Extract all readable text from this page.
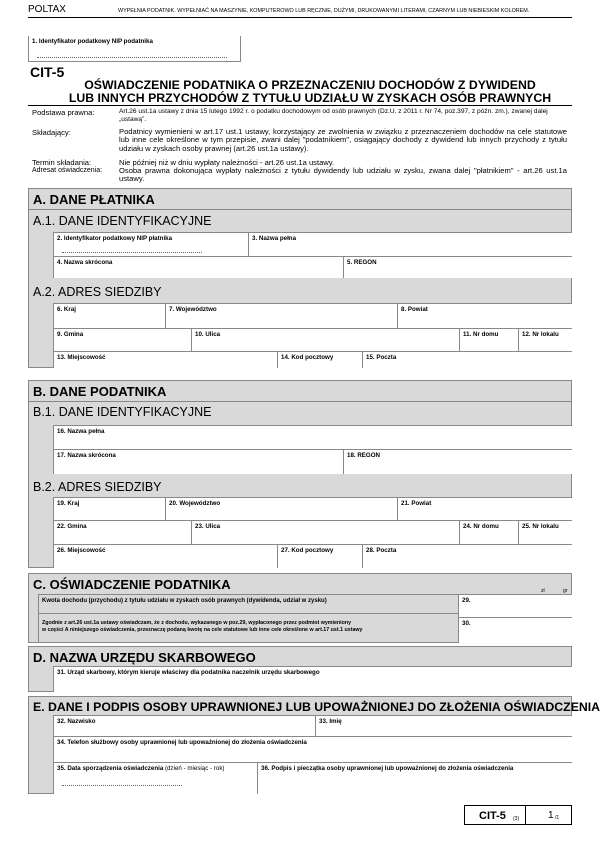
POLTAX	WYPEŁNIA PODATNIK. WYPEŁNIAĆ NA MASZYNIE, KOMPUTEROWO LUB RĘCZNIE, DUŻYMI, DRUKOWANYMI LITERAMI, CZARNYM LUB NIEBIESKIM KOLOREM.
1. Identyfikator podatkowy NIP podatnika
CIT-5
OŚWIADCZENIE PODATNIKA O PRZEZNACZENIU DOCHODÓW Z DYWIDEND
LUB INNYCH PRZYCHODÓW Z TYTUŁU UDZIAŁU W ZYSKACH OSÓB PRAWNYCH
Podstawa prawna:	Art.26 ust.1a ustawy z dnia 15 lutego 1992 r. o podatku dochodowym od osób prawnych (Dz.U. z 2011 r. Nr 74, poz.397, z późn. zm.), zwanej dalej „ustawą”.
Składający:	Podatnicy wymienieni w art.17 ust.1 ustawy, korzystający ze zwolnienia w związku z przeznaczeniem dochodów na cele statutowe lub inne cele określone w tym przepisie, zwani dalej "podatnikiem", osiągający dochody z dywidend lub innych przychody z tytułu udziału w zyskach osoby prawnej (art.26 ust.1a ustawy).
Termin składania:	Nie później niż w dniu wypłaty należności - art.26 ust.1a ustawy.
Adresat oświadczenia: Osoba prawna dokonująca wypłaty należności z tytułu dywidendy lub udziału w zysku, zwana dalej "płatnikiem" - art.26 ust.1a ustawy.
A. DANE PŁATNIKA
A.1. DANE IDENTYFIKACYJNE
2. Identyfikator podatkowy NIP płatnika	3. Nazwa pełna
4. Nazwa skrócona	5. REGON
A.2. ADRES SIEDZIBY
6. Kraj	7. Województwo	8. Powiat
9. Gmina	10. Ulica	11. Nr domu	12. Nr lokalu
13. Miejscowość	14. Kod pocztowy	15. Poczta
B. DANE PODATNIKA
B.1. DANE IDENTYFIKACYJNE
16. Nazwa pełna
17. Nazwa skrócona	18. REGON
B.2. ADRES SIEDZIBY
19. Kraj	20. Województwo	21. Powiat
22. Gmina	23. Ulica	24. Nr domu	25. Nr lokalu
26. Miejscowość	27. Kod pocztowy	28. Poczta
C. OŚWIADCZENIE PODATNIKA	zł	gr
Kwota dochodu (przychodu) z tytułu udziału w zyskach osób prawnych (dywidenda, udział w zysku)	29.
Zgodnie z art.26 ust.1a ustawy oświadczam, że z dochodu, wykazanego w poz.29, wypłaconego przez podmiot wymieniony
w części A niniejszego oświadczenia, przeznaczę podaną kwotę na cele statutowe lub inne cele określone w art.17 ust.1 ustawy
30.
D. NAZWA URZĘDU SKARBOWEGO
31. Urząd skarbowy, którym kieruje właściwy dla podatnika naczelnik urzędu skarbowego
E. DANE I PODPIS OSOBY UPRAWNIONEJ LUB UPOWAŻNIONEJ DO ZŁOŻENIA OŚWIADCZENIA
32. Nazwisko	33. Imię
34. Telefon służbowy osoby uprawnionej lub upoważnionej do złożenia oświadczenia
35. Data sporządzenia oświadczenia (dzień - miesiąc - rok)	36. Podpis i pieczątka osoby uprawnionej lub upoważnionej do złożenia oświadczenia
CIT-5 (3)	1 /1
